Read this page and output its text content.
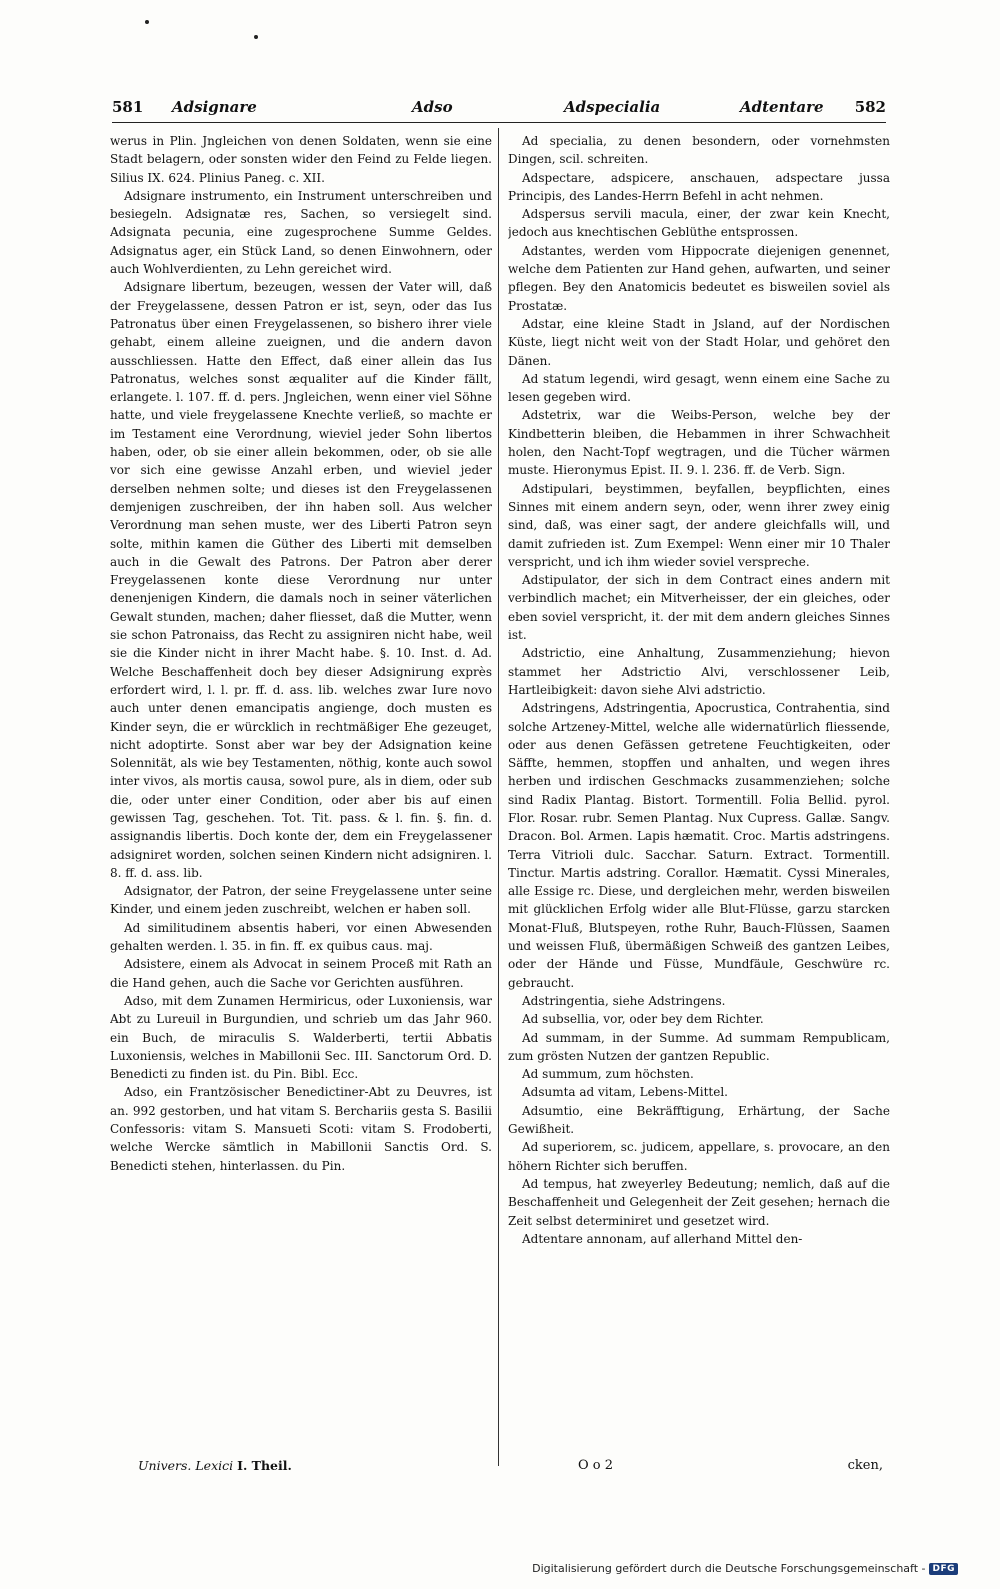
581 Adsignare	Adso	Adspecialia	Adtentare 582

werus in Plin. Jngleichen von denen Soldaten, wenn sie eine Stadt belagern, oder sonsten wider den Feind zu Felde liegen. Silius IX. 624. Plinius Paneg. c. XII.

Adsignare instrumento, ein Instrument unterschreiben und besiegeln. Adsignatæ res, Sachen, so versiegelt sind. Adsignata pecunia, eine zugesprochene Summe Geldes. Adsignatus ager, ein Stück Land, so denen Einwohnern, oder auch Wohlverdienten, zu Lehn gereichet wird.

Adsignare libertum, bezeugen, wessen der Vater will, daß der Freygelassene, dessen Patron er ist, seyn, oder das Ius Patronatus über einen Freygelassenen, so bishero ihrer viele gehabt, einem alleine zueignen, und die andern davon ausschliessen. Hatte den Effect, daß einer allein das Ius Patronatus, welches sonst æqualiter auf die Kinder fällt, erlangete. l. 107. ff. d. pers. Jngleichen, wenn einer viel Söhne hatte, und viele freygelassene Knechte verließ, so machte er im Testament eine Verordnung, wieviel jeder Sohn libertos haben, oder, ob sie einer allein bekommen, oder, ob sie alle vor sich eine gewisse Anzahl erben, und wieviel jeder derselben nehmen solte; und dieses ist den Freygelassenen demjenigen zuschreiben, der ihn haben soll. Aus welcher Verordnung man sehen muste, wer des Liberti Patron seyn solte, mithin kamen die Güther des Liberti mit demselben auch in die Gewalt des Patrons. Der Patron aber derer Freygelassenen konte diese Verordnung nur unter denenjenigen Kindern, die damals noch in seiner väterlichen Gewalt stunden, machen; daher fliesset, daß die Mutter, wenn sie schon Patronaiss, das Recht zu assigniren nicht habe, weil sie die Kinder nicht in ihrer Macht habe. §. 10. Inst. d. Ad. Welche Beschaffenheit doch bey dieser Adsignirung exprès erfordert wird, l. l. pr. ff. d. ass. lib. welches zwar Iure novo auch unter denen emancipatis angienge, doch musten es Kinder seyn, die er würcklich in rechtmäßiger Ehe gezeuget, nicht adoptirte. Sonst aber war bey der Adsignation keine Solennität, als wie bey Testamenten, nöthig, konte auch sowol inter vivos, als mortis causa, sowol pure, als in diem, oder sub die, oder unter einer Condition, oder aber bis auf einen gewissen Tag, geschehen. Tot. Tit. pass. & l. fin. §. fin. d. assignandis libertis. Doch konte der, dem ein Freygelassener adsigniret worden, solchen seinen Kindern nicht adsigniren. l. 8. ff. d. ass. lib.

Adsignator, der Patron, der seine Freygelassene unter seine Kinder, und einem jeden zuschreibt, welchen er haben soll.

Ad similitudinem absentis haberi, vor einen Abwesenden gehalten werden. l. 35. in fin. ff. ex quibus caus. maj.

Adsistere, einem als Advocat in seinem Proceß mit Rath an die Hand gehen, auch die Sache vor Gerichten ausführen.

Adso, mit dem Zunamen Hermiricus, oder Luxoniensis, war Abt zu Lureuil in Burgundien, und schrieb um das Jahr 960. ein Buch, de miraculis S. Walderberti, tertii Abbatis Luxoniensis, welches in Mabillonii Sec. III. Sanctorum Ord. D. Benedicti zu finden ist. du Pin. Bibl. Ecc.

Adso, ein Frantzösischer Benedictiner-Abt zu Deuvres, ist an. 992 gestorben, und hat vitam S. Berchariis gesta S. Basilii Confessoris: vitam S. Mansueti Scoti: vitam S. Frodoberti, welche Wercke sämtlich in Mabillonii Sanctis Ord. S. Benedicti stehen, hinterlassen. du Pin.

Ad specialia, zu denen besondern, oder vornehmsten Dingen, scil. schreiten.

Adspectare, adspicere, anschauen, adspectare jussa Principis, des Landes-Herrn Befehl in acht nehmen.

Adspersus servili macula, einer, der zwar kein Knecht, jedoch aus knechtischen Geblüthe entsprossen.

Adstantes, werden vom Hippocrate diejenigen genennet, welche dem Patienten zur Hand gehen, aufwarten, und seiner pflegen. Bey den Anatomicis bedeutet es bisweilen soviel als Prostatæ.

Adstar, eine kleine Stadt in Jsland, auf der Nordischen Küste, liegt nicht weit von der Stadt Holar, und gehöret den Dänen.

Ad statum legendi, wird gesagt, wenn einem eine Sache zu lesen gegeben wird.

Adstetrix, war die Weibs-Person, welche bey der Kindbetterin bleiben, die Hebammen in ihrer Schwachheit holen, den Nacht-Topf wegtragen, und die Tücher wärmen muste. Hieronymus Epist. II. 9. l. 236. ff. de Verb. Sign.

Adstipulari, beystimmen, beyfallen, beypflichten, eines Sinnes mit einem andern seyn, oder, wenn ihrer zwey einig sind, daß, was einer sagt, der andere gleichfalls will, und damit zufrieden ist. Zum Exempel: Wenn einer mir 10 Thaler verspricht, und ich ihm wieder soviel verspreche.

Adstipulator, der sich in dem Contract eines andern mit verbindlich machet; ein Mitverheisser, der ein gleiches, oder eben soviel verspricht, it. der mit dem andern gleiches Sinnes ist.

Adstrictio, eine Anhaltung, Zusammenziehung; hievon stammet her Adstrictio Alvi, verschlossener Leib, Hartleibigkeit: davon siehe Alvi adstrictio.

Adstringens, Adstringentia, Apocrustica, Contrahentia, sind solche Artzeney-Mittel, welche alle widernatürlich fliessende, oder aus denen Gefässen getretene Feuchtigkeiten, oder Säffte, hemmen, stopffen und anhalten, und wegen ihres herben und irdischen Geschmacks zusammenziehen; solche sind Radix Plantag. Bistort. Tormentill. Folia Bellid. pyrol. Flor. Rosar. rubr. Semen Plantag. Nux Cupress. Gallæ. Sangv. Dracon. Bol. Armen. Lapis hæmatit. Croc. Martis adstringens. Terra Vitrioli dulc. Sacchar. Saturn. Extract. Tormentill. Tinctur. Martis adstring. Corallor. Hæmatit. Cyssi Minerales, alle Essige rc. Diese, und dergleichen mehr, werden bisweilen mit glücklichen Erfolg wider alle Blut-Flüsse, garzu starcken Monat-Fluß, Blutspeyen, rothe Ruhr, Bauch-Flüssen, Saamen und weissen Fluß, übermäßigen Schweiß des gantzen Leibes, oder der Hände und Füsse, Mundfäule, Geschwüre rc. gebraucht.

Adstringentia, siehe Adstringens.

Ad subsellia, vor, oder bey dem Richter.

Ad summam, in der Summe. Ad summam Rempublicam, zum grösten Nutzen der gantzen Republic.

Ad summum, zum höchsten.

Adsumta ad vitam, Lebens-Mittel.

Adsumtio, eine Bekräfftigung, Erhärtung, der Sache Gewißheit.

Ad superiorem, sc. judicem, appellare, s. provocare, an den höhern Richter sich beruffen.

Ad tempus, hat zweyerley Bedeutung; nemlich, daß auf die Beschaffenheit und Gelegenheit der Zeit gesehen; hernach die Zeit selbst determiniret und gesetzet wird.

Adtentare annonam, auf allerhand Mittel den-

Univers. Lexici I. Theil.	O o 2	cken,
Digitalisierung gefördert durch die Deutsche Forschungsgemeinschaft - DFG
